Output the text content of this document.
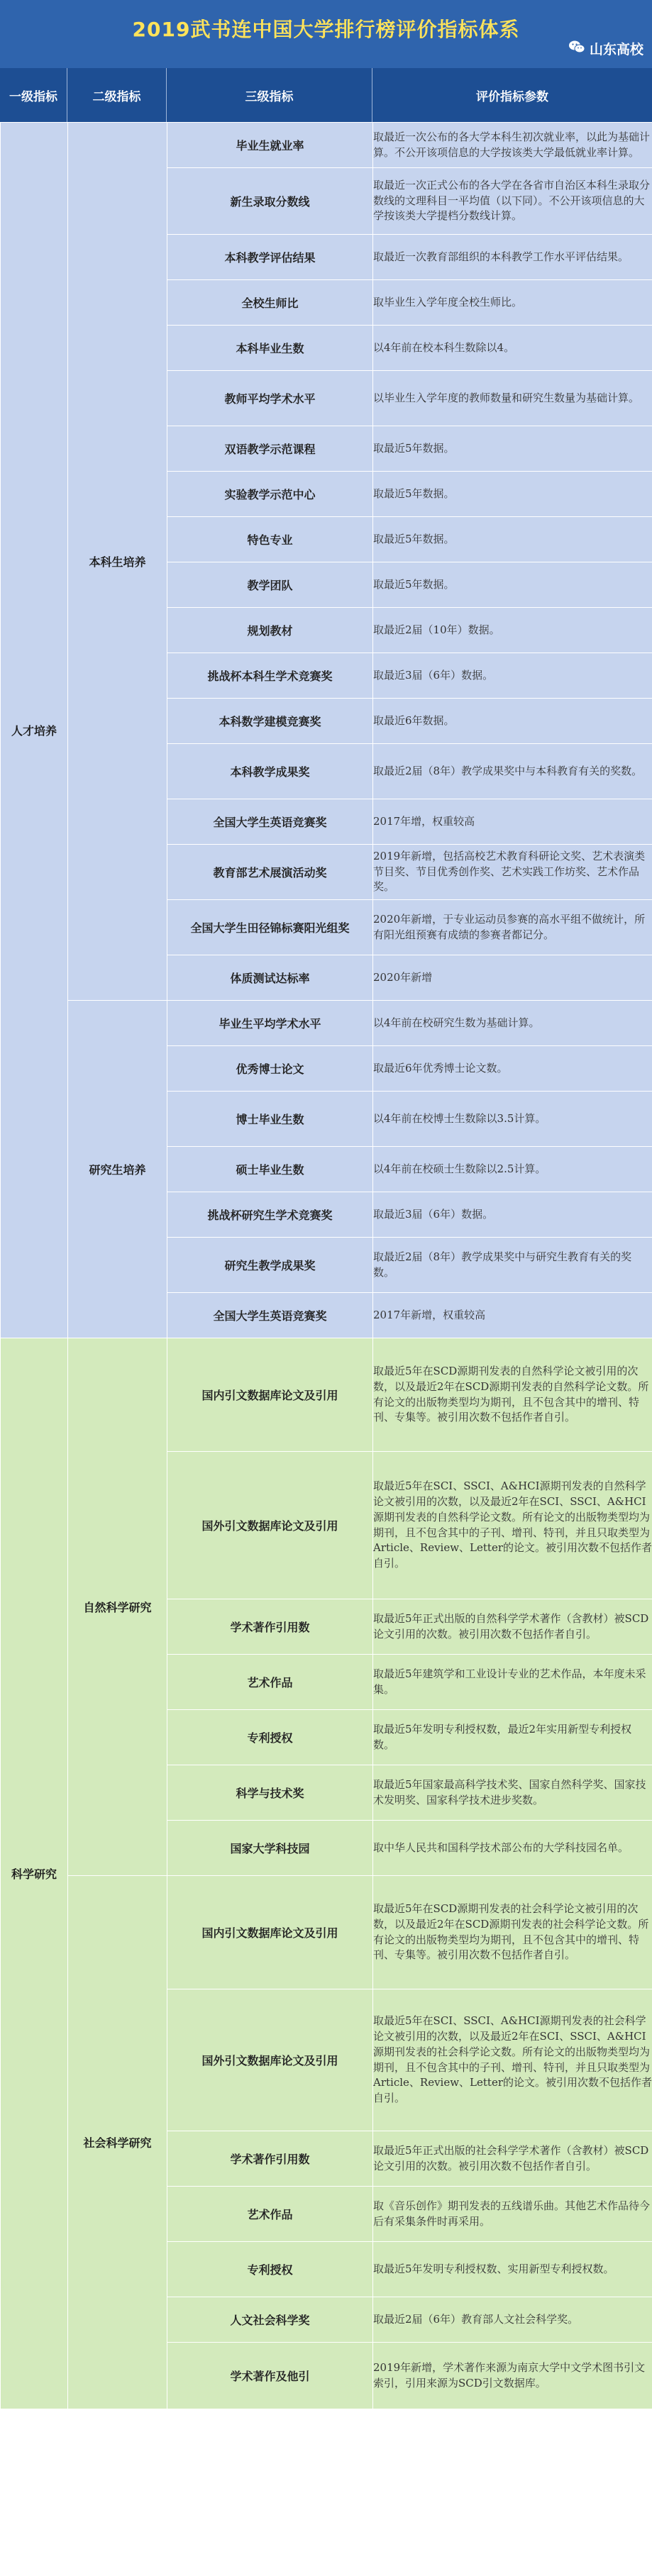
2019武书连中国大学排行榜评价指标体系
山东高校
一级指标	二级指标	三级指标	评价指标参数
人才培养	本科生培养	毕业生就业率	取最近一次公布的各大学本科生初次就业率，以此为基础计算。不公开该项信息的大学按该类大学最低就业率计算。
		新生录取分数线	取最近一次正式公布的各大学在各省市自治区本科生录取分数线的文理科目一平均值（以下同）。不公开该项信息的大学按该类大学提档分数线计算。
		本科教学评估结果	取最近一次教育部组织的本科教学工作水平评估结果。
		全校生师比	取毕业生入学年度全校生师比。
		本科毕业生数	以4年前在校本科生数除以4。
		教师平均学术水平	以毕业生入学年度的教师数量和研究生数量为基础计算。
		双语教学示范课程	取最近5年数据。
		实验教学示范中心	取最近5年数据。
		特色专业	取最近5年数据。
		教学团队	取最近5年数据。
		规划教材	取最近2届（10年）数据。
		挑战杯本科生学术竞赛奖	取最近3届（6年）数据。
		本科数学建模竞赛奖	取最近6年数据。
		本科教学成果奖	取最近2届（8年）教学成果奖中与本科教育有关的奖数。
		全国大学生英语竞赛奖	2017年增，权重较高
		教育部艺术展演活动奖	2019年新增，包括高校艺术教育科研论文奖、艺术表演类节目奖、节目优秀创作奖、艺术实践工作坊奖、艺术作品奖。
		全国大学生田径锦标赛阳光组奖	2020年新增，于专业运动员参赛的高水平组不做统计，所有阳光组预赛有成绩的参赛者都记分。
		体质测试达标率	2020年新增
	研究生培养	毕业生平均学术水平	以4年前在校研究生数为基础计算。
		优秀博士论文	取最近6年优秀博士论文数。
		博士毕业生数	以4年前在校博士生数除以3.5计算。
		硕士毕业生数	以4年前在校硕士生数除以2.5计算。
		挑战杯研究生学术竞赛奖	取最近3届（6年）数据。
		研究生教学成果奖	取最近2届（8年）教学成果奖中与研究生教育有关的奖数。
		全国大学生英语竞赛奖	2017年新增，权重较高
科学研究	自然科学研究	国内引文数据库论文及引用	取最近5年在SCD源期刊发表的自然科学论文被引用的次数，以及最近2年在SCD源期刊发表的自然科学论文数。所有论文的出版物类型均为期刊，且不包含其中的增刊、特刊、专集等。被引用次数不包括作者自引。
		国外引文数据库论文及引用	取最近5年在SCI、SSCI、A&HCI源期刊发表的自然科学论文被引用的次数，以及最近2年在SCI、SSCI、A&HCI源期刊发表的自然科学论文数。所有论文的出版物类型均为期刊，且不包含其中的子刊、增刊、特刊，并且只取类型为Article、Review、Letter的论文。被引用次数不包括作者自引。
		学术著作引用数	取最近5年正式出版的自然科学学术著作（含教材）被SCD论文引用的次数。被引用次数不包括作者自引。
		艺术作品	取最近5年建筑学和工业设计专业的艺术作品，本年度未采集。
		专利授权	取最近5年发明专利授权数，最近2年实用新型专利授权数。
		科学与技术奖	取最近5年国家最高科学技术奖、国家自然科学奖、国家技术发明奖、国家科学技术进步奖数。
		国家大学科技园	取中华人民共和国科学技术部公布的大学科技园名单。
	社会科学研究	国内引文数据库论文及引用	取最近5年在SCD源期刊发表的社会科学论文被引用的次数，以及最近2年在SCD源期刊发表的社会科学论文数。所有论文的出版物类型均为期刊，且不包含其中的增刊、特刊、专集等。被引用次数不包括作者自引。
		国外引文数据库论文及引用	取最近5年在SCI、SSCI、A&HCI源期刊发表的社会科学论文被引用的次数，以及最近2年在SCI、SSCI、A&HCI源期刊发表的社会科学论文数。所有论文的出版物类型均为期刊，且不包含其中的子刊、增刊、特刊，并且只取类型为Article、Review、Letter的论文。被引用次数不包括作者自引。
		学术著作引用数	取最近5年正式出版的社会科学学术著作（含教材）被SCD论文引用的次数。被引用次数不包括作者自引。
		艺术作品	取《音乐创作》期刊发表的五线谱乐曲。其他艺术作品待今后有采集条件时再采用。
		专利授权	取最近5年发明专利授权数、实用新型专利授权数。
		人文社会科学奖	取最近2届（6年）教育部人文社会科学奖。
		学术著作及他引	2019年新增，学术著作来源为南京大学中文学术图书引文索引，引用来源为SCD引文数据库。
